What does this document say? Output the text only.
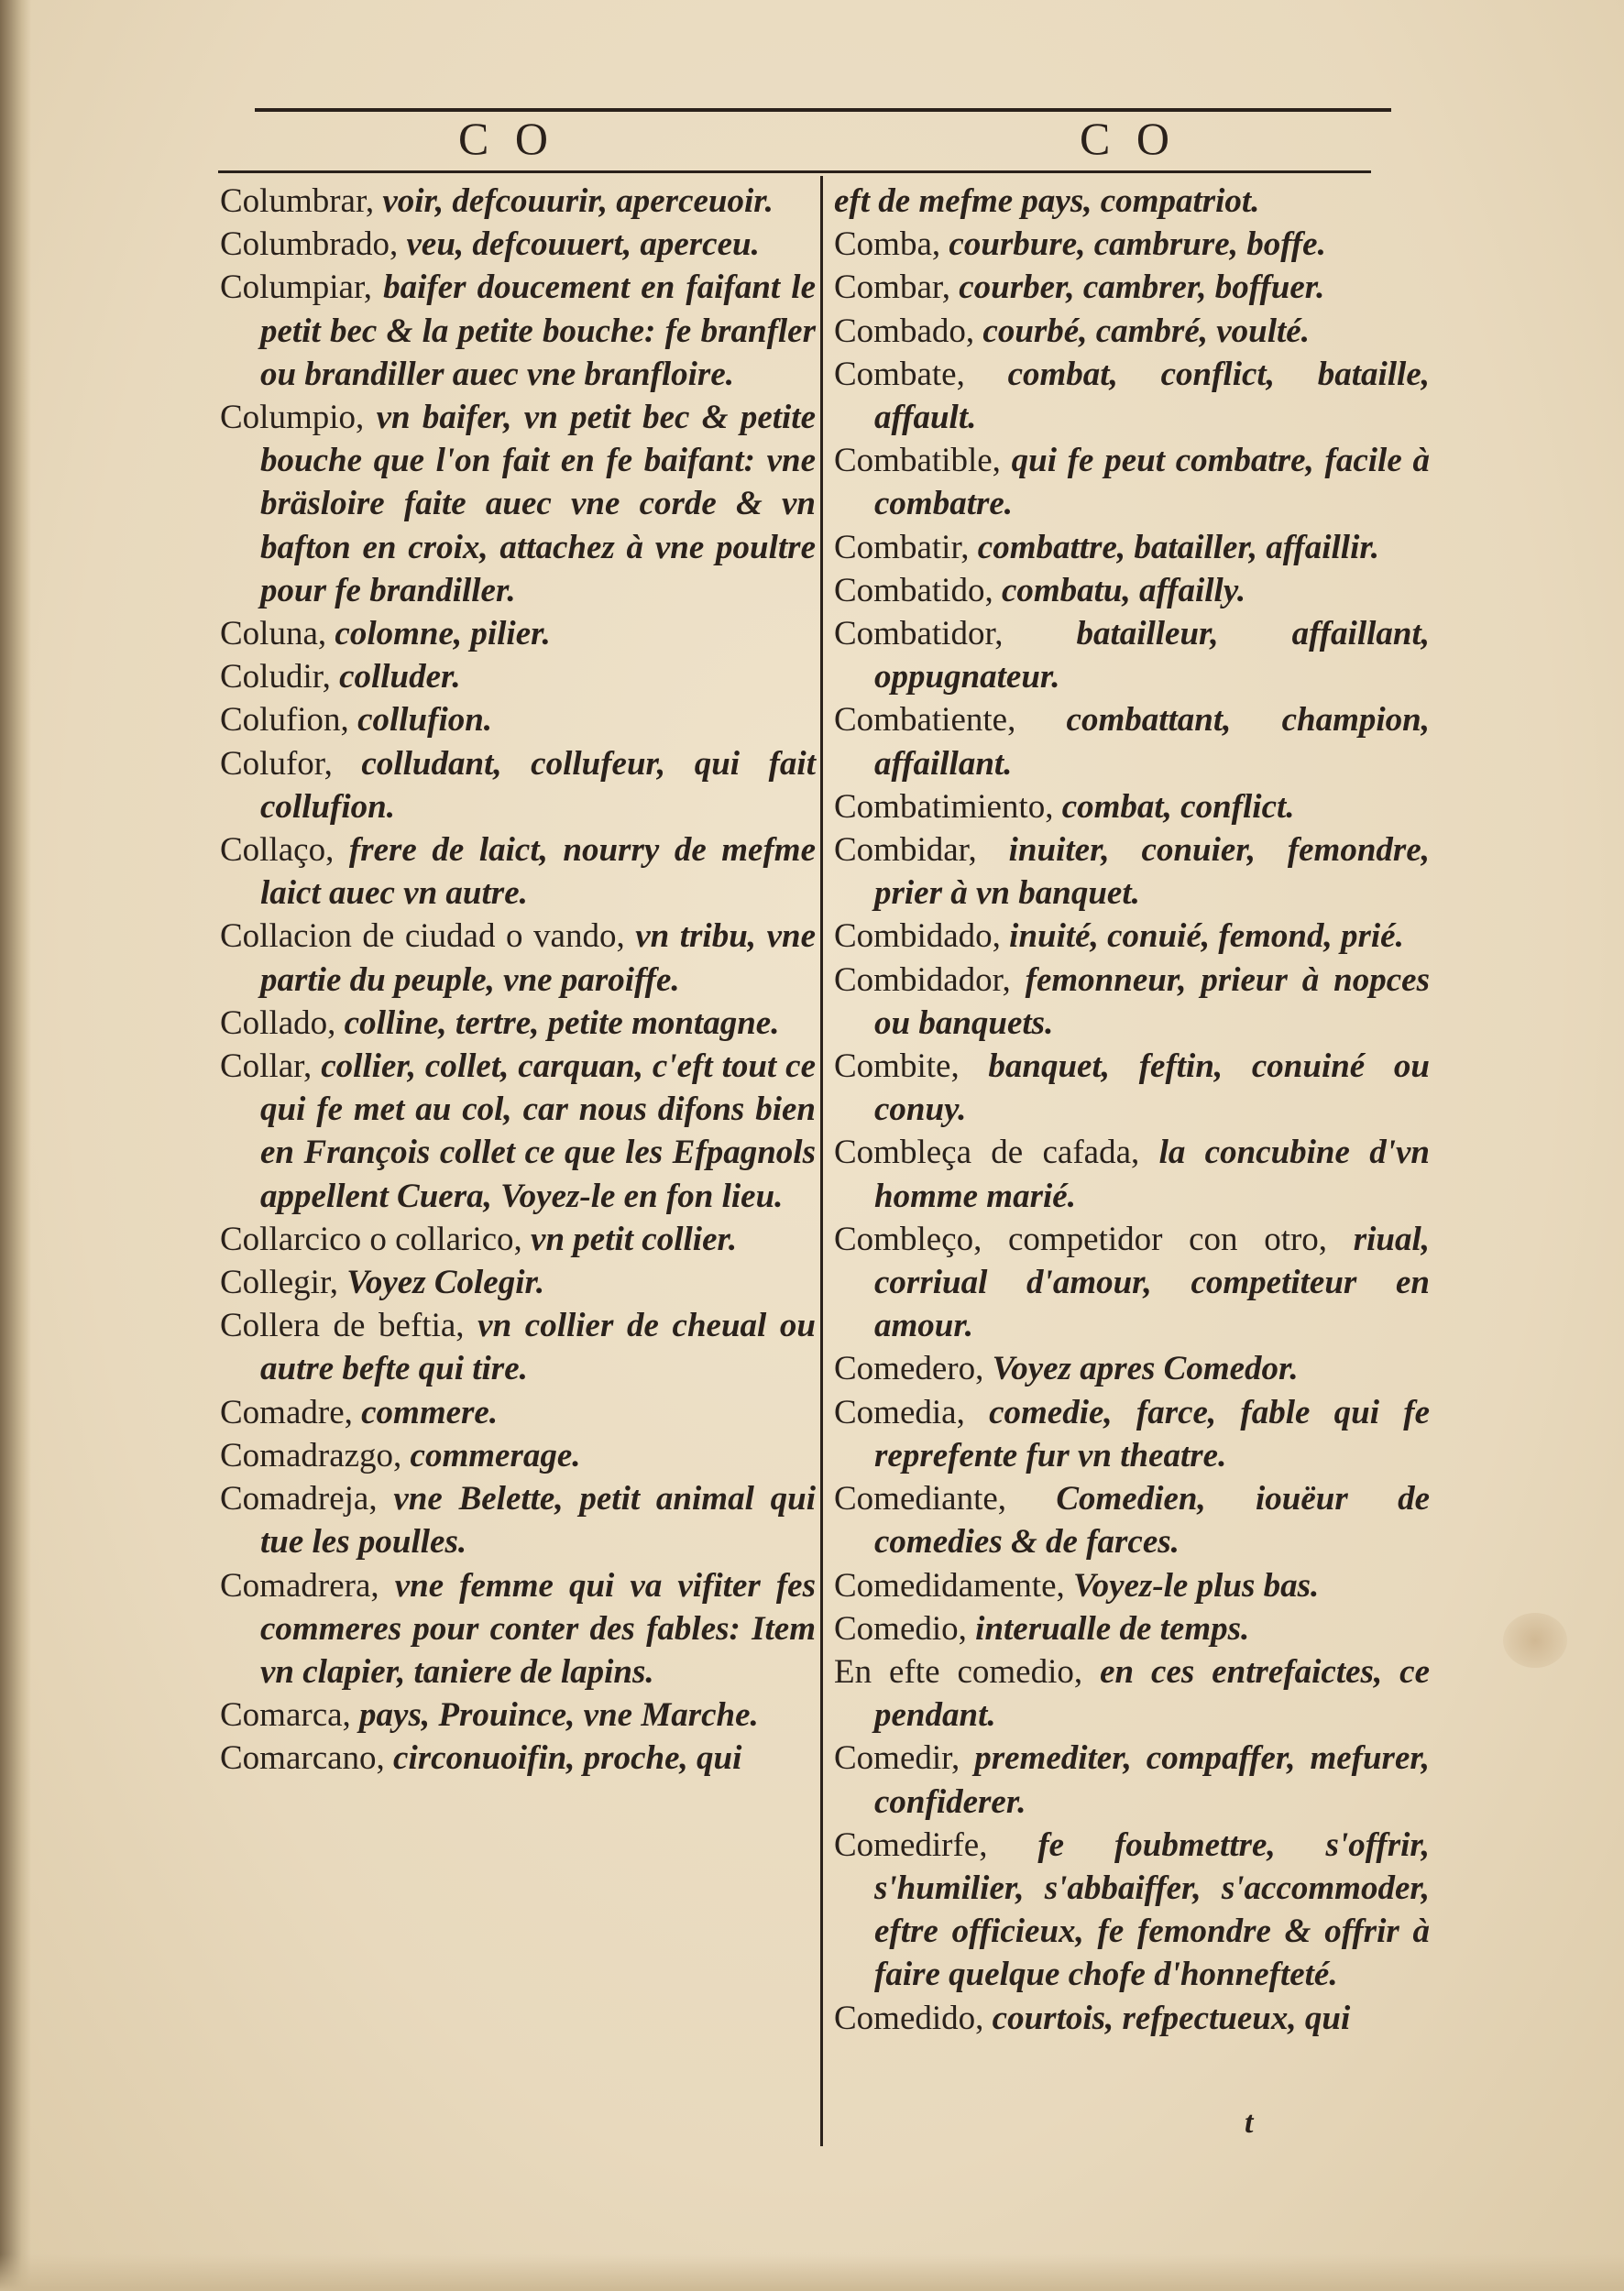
C O	C O

Columbrar, voir, defcouurir, aperceuoir.

Columbrado, veu, defcouuert, aperceu.

Columpiar, baifer doucement en faifant le petit bec & la petite bouche: fe branfler ou brandiller auec vne branfloire.

Columpio, vn baifer, vn petit bec & petite bouche que l'on fait en fe baifant: vne bräsloire faite auec vne corde & vn bafton en croix, attachez à vne poultre pour fe brandiller.

Coluna, colomne, pilier.

Coludir, colluder.

Colufion, collufion.

Colufor, colludant, collufeur, qui fait collufion.

Collaço, frere de laict, nourry de mefme laict auec vn autre.

Collacion de ciudad o vando, vn tribu, vne partie du peuple, vne paroiffe.

Collado, colline, tertre, petite montagne.

Collar, collier, collet, carquan, c'eft tout ce qui fe met au col, car nous difons bien en François collet ce que les Efpagnols appellent Cuera, Voyez-le en fon lieu.

Collarcico o collarico, vn petit collier.

Collegir, Voyez Colegir.

Collera de beftia, vn collier de cheual ou autre befte qui tire.

Comadre, commere.

Comadrazgo, commerage.

Comadreja, vne Belette, petit animal qui tue les poulles.

Comadrera, vne femme qui va vifiter fes commeres pour conter des fables: Item vn clapier, taniere de lapins.

Comarca, pays, Prouince, vne Marche.

Comarcano, circonuoifin, proche, qui

eft de mefme pays, compatriot.

Comba, courbure, cambrure, boffe.

Combar, courber, cambrer, boffuer.

Combado, courbé, cambré, voulté.

Combate, combat, conflict, bataille, affault.

Combatible, qui fe peut combatre, facile à combatre.

Combatir, combattre, batailler, affaillir.

Combatido, combatu, affailly.

Combatidor, batailleur, affaillant, oppugnateur.

Combatiente, combattant, champion, affaillant.

Combatimiento, combat, conflict.

Combidar, inuiter, conuier, femondre, prier à vn banquet.

Combidado, inuité, conuié, femond, prié.

Combidador, femonneur, prieur à nopces ou banquets.

Combite, banquet, feftin, conuiné ou conuy.

Combleça de cafada, la concubine d'vn homme marié.

Combleço, competidor con otro, riual, corriual d'amour, competiteur en amour.

Comedero, Voyez apres Comedor.

Comedia, comedie, farce, fable qui fe reprefente fur vn theatre.

Comediante, Comedien, iouëur de comedies & de farces.

Comedidamente, Voyez-le plus bas.

Comedio, interualle de temps.

En efte comedio, en ces entrefaictes, ce pendant.

Comedir, premediter, compaffer, mefurer, confiderer.

Comedirfe, fe foubmettre, s'offrir, s'humilier, s'abbaiffer, s'accommoder, eftre officieux, fe femondre & offrir à faire quelque chofe d'honnefteté.

Comedido, courtois, refpectueux, qui

t
